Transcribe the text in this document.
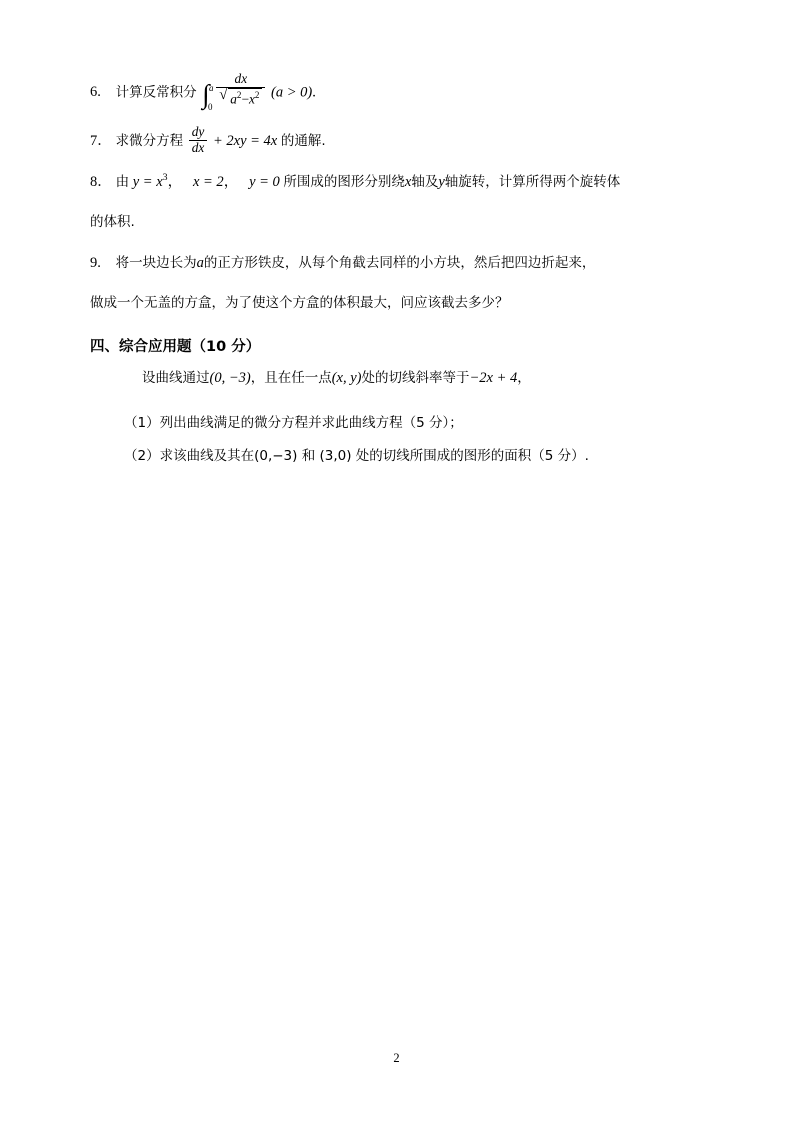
6. 计算反常积分 ∫ a
0
dx
√ $a^2-x^2$ (a > 0).
7． 求微分方程 $\frac{dy}{dx} + 2xy = 4x$ 的通解.
8． 由 $y = x^3$，   x = 2，   y = 0 所围成的图形分别绕x轴及y轴旋转，计算所得两个旋转体
的体积.
9. 将一块边长为a的正方形铁皮，从每个角截去同样的小方块，然后把四边折起来，
做成一个无盖的方盒，为了使这个方盒的体积最大，问应该截去多少？
四、综合应用题（10 分）
设曲线通过(0, −3)，且在任一点(x, y)处的切线斜率等于−2x + 4，
（1）列出曲线满足的微分方程并求此曲线方程（5 分）；
（2）求该曲线及其在(0,−3) 和 (3,0) 处的切线所围成的图形的面积（5 分）.
2
